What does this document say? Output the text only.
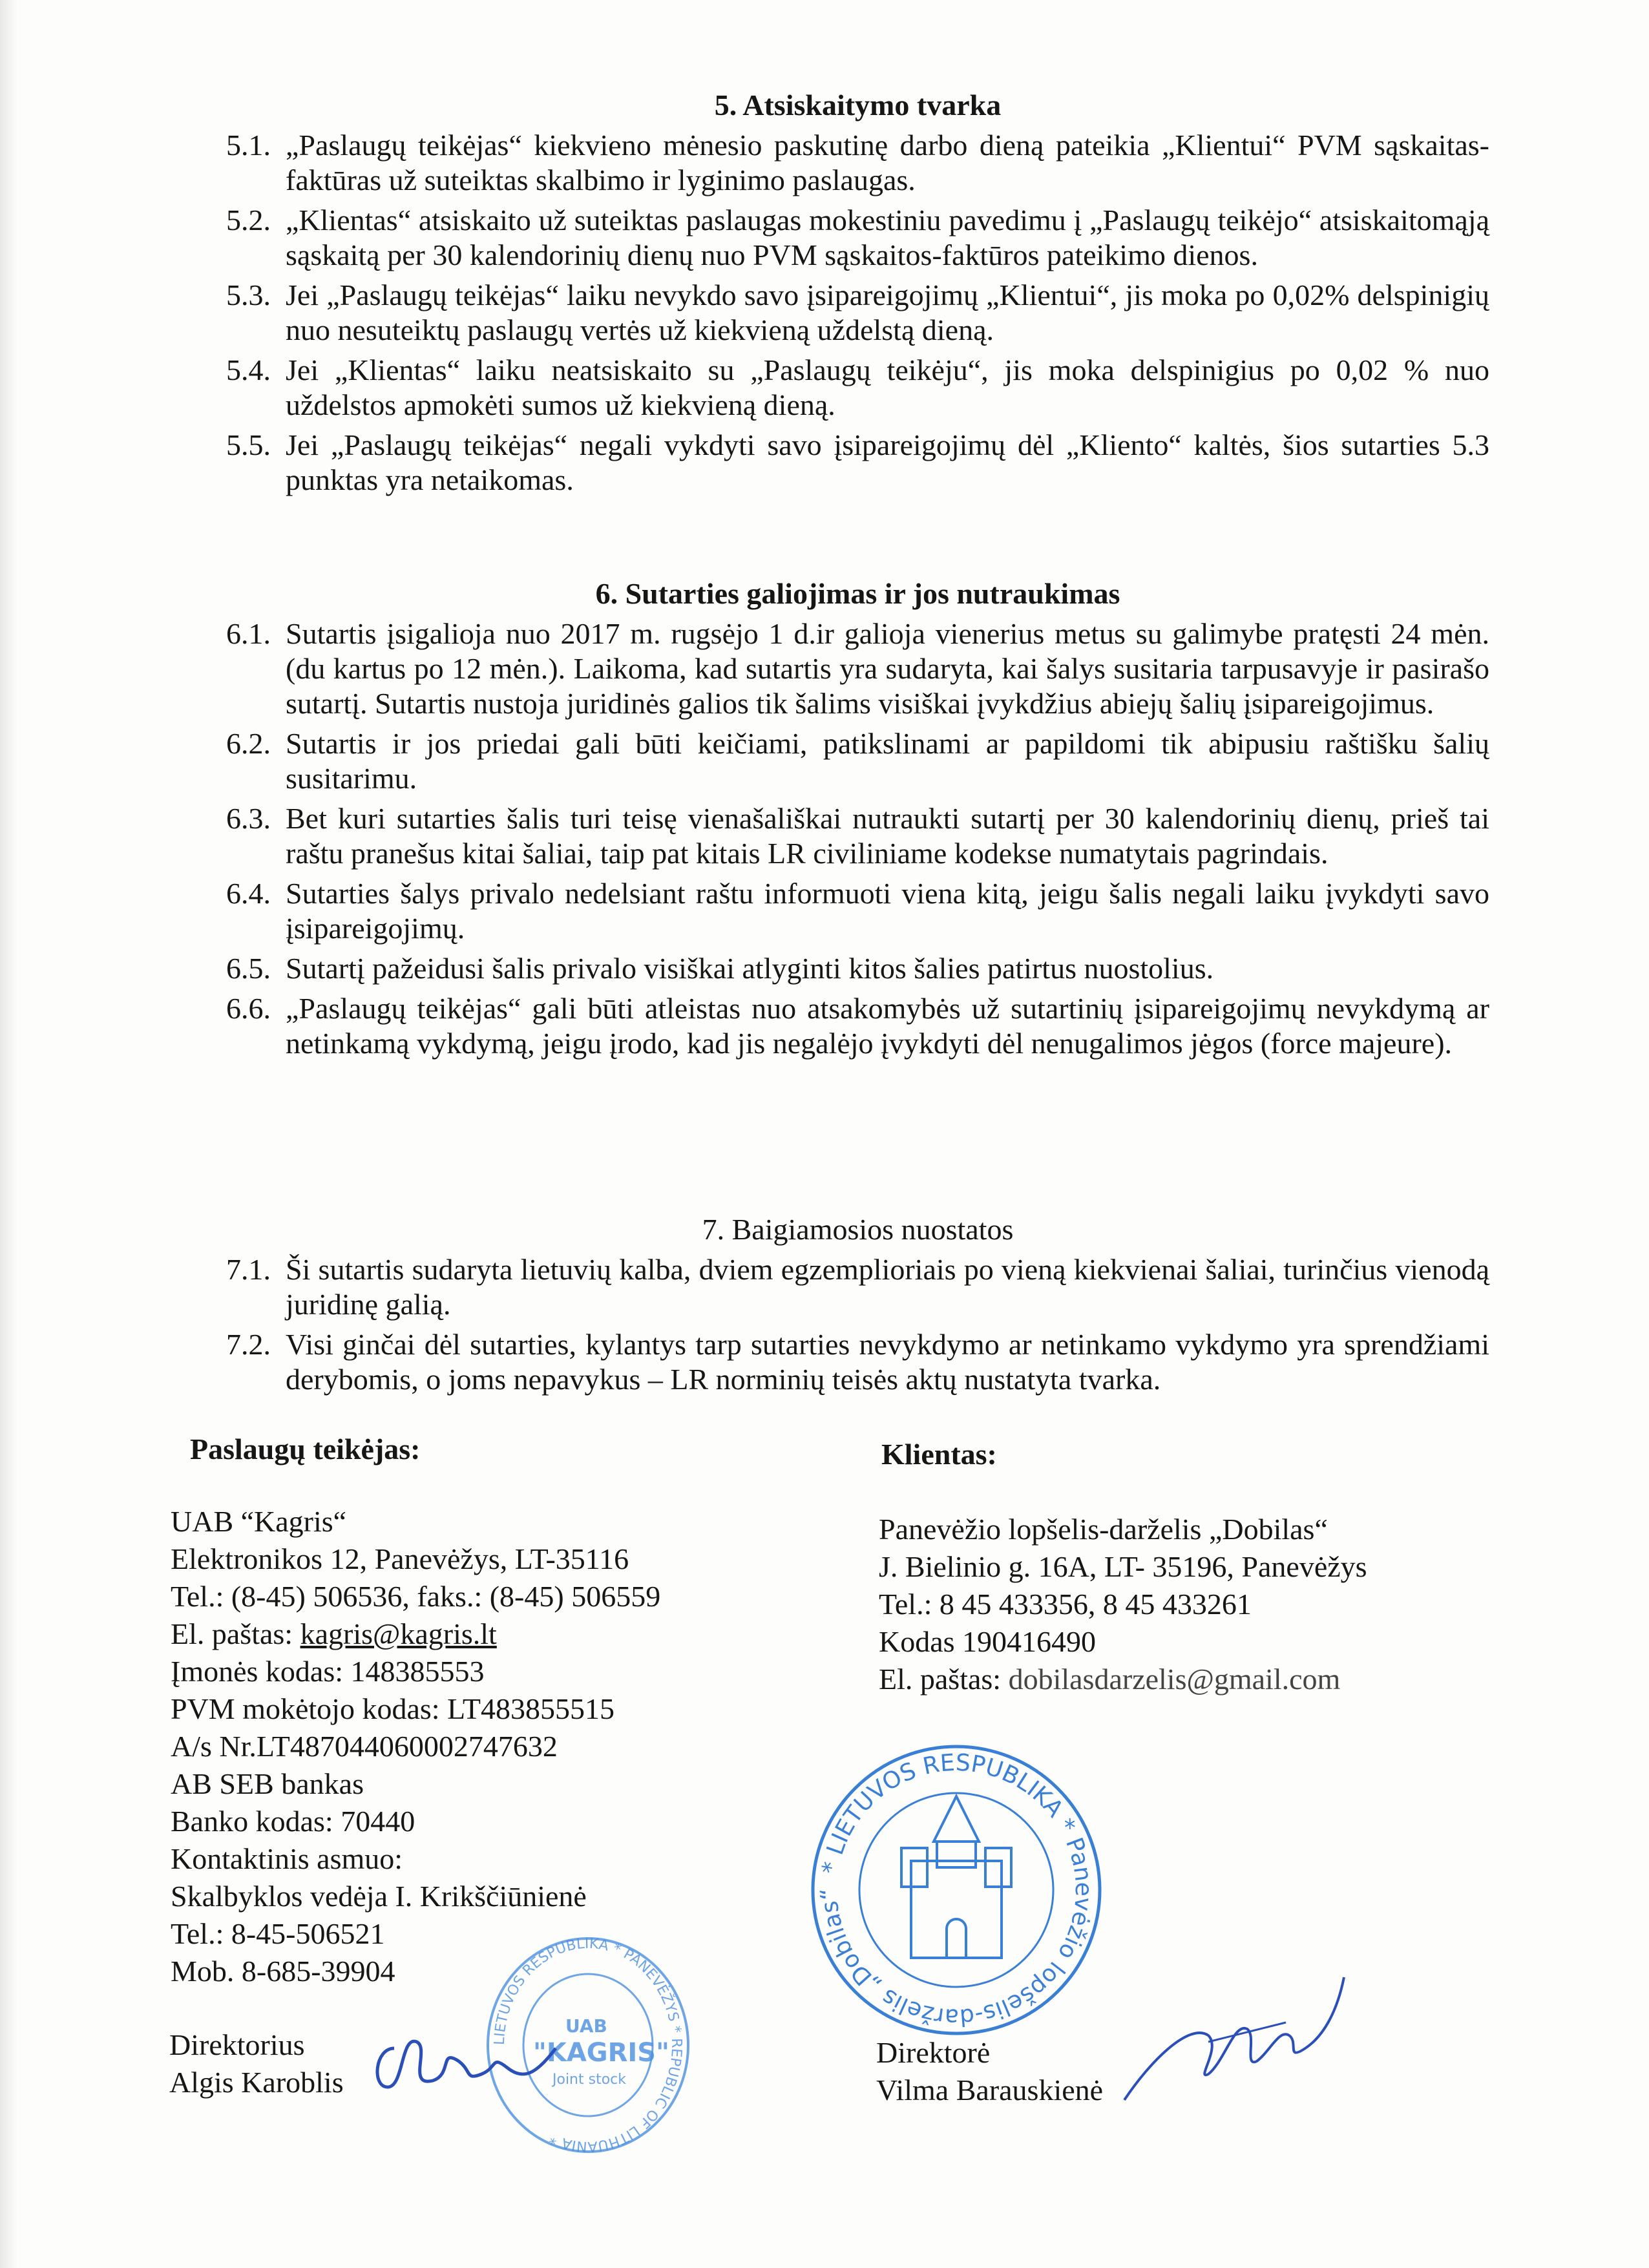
5. Atsiskaitymo tvarka
5.1. „Paslaugų teikėjas“ kiekvieno mėnesio paskutinę darbo dieną pateikia „Klientui“ PVM sąskaitas-faktūras už suteiktas skalbimo ir lyginimo paslaugas.
5.2. „Klientas“ atsiskaito už suteiktas paslaugas mokestiniu pavedimu į „Paslaugų teikėjo“ atsiskaitomąją sąskaitą per 30 kalendorinių dienų nuo PVM sąskaitos-faktūros pateikimo dienos.
5.3. Jei „Paslaugų teikėjas“ laiku nevykdo savo įsipareigojimų „Klientui“, jis moka po 0,02% delspinigių nuo nesuteiktų paslaugų vertės už kiekvieną uždelstą dieną.
5.4. Jei „Klientas“ laiku neatsiskaito su „Paslaugų teikėju“, jis moka delspinigius po 0,02 % nuo uždelstos apmokėti sumos už kiekvieną dieną.
5.5. Jei „Paslaugų teikėjas“ negali vykdyti savo įsipareigojimų dėl „Kliento“ kaltės, šios sutarties 5.3 punktas yra netaikomas.
6. Sutarties galiojimas ir jos nutraukimas
6.1. Sutartis įsigalioja nuo 2017 m. rugsėjo 1 d.ir galioja vienerius metus su galimybe pratęsti 24 mėn. (du kartus po 12 mėn.). Laikoma, kad sutartis yra sudaryta, kai šalys susitaria tarpusavyje ir pasirašo sutartį. Sutartis nustoja juridinės galios tik šalims visiškai įvykdžius abiejų šalių įsipareigojimus.
6.2. Sutartis ir jos priedai gali būti keičiami, patikslinami ar papildomi tik abipusiu raštišku šalių susitarimu.
6.3. Bet kuri sutarties šalis turi teisę vienašališkai nutraukti sutartį per 30 kalendorinių dienų, prieš tai raštu pranešus kitai šaliai, taip pat kitais LR civiliniame kodekse numatytais pagrindais.
6.4. Sutarties šalys privalo nedelsiant raštu informuoti viena kitą, jeigu šalis negali laiku įvykdyti savo įsipareigojimų.
6.5. Sutartį pažeidusi šalis privalo visiškai atlyginti kitos šalies patirtus nuostolius.
6.6. „Paslaugų teikėjas“ gali būti atleistas nuo atsakomybės už sutartinių įsipareigojimų nevykdymą ar netinkamą vykdymą, jeigu įrodo, kad jis negalėjo įvykdyti dėl nenugalimos jėgos (force majeure).
7. Baigiamosios nuostatos
7.1. Ši sutartis sudaryta lietuvių kalba, dviem egzemplioriais po vieną kiekvienai šaliai, turinčius vienodą juridinę galią.
7.2. Visi ginčai dėl sutarties, kylantys tarp sutarties nevykdymo ar netinkamo vykdymo yra sprendžiami derybomis, o joms nepavykus – LR norminių teisės aktų nustatyta tvarka.
Paslaugų teikėjas:
UAB “Kagris“
Elektronikos 12, Panevėžys, LT-35116
Tel.: (8-45) 506536, faks.: (8-45) 506559
El. paštas: kagris@kagris.lt
Įmonės kodas: 148385553
PVM mokėtojo kodas: LT483855515
A/s Nr.LT487044060002747632
AB SEB bankas
Banko kodas: 70440
Kontaktinis asmuo:
Skalbyklos vedėja I. Krikščiūnienė
Tel.: 8-45-506521
Mob. 8-685-39904
Direktorius
Algis Karoblis
Klientas:
Panevėžio lopšelis-darželis „Dobilas“
J. Bielinio g. 16A, LT- 35196, Panevėžys
Tel.: 8 45 433356, 8 45 433261
Kodas 190416490
El. paštas: dobilasdarzelis@gmail.com
Direktorė
Vilma Barauskienė
* LIETUVOS RESPUBLIKA * Panevėžio lopšelis-darželis „Dobilas“
LIETUVOS RESPUBLIKA * PANEVĖŽYS * REPUBLIC OF LITHUANIA *
UAB
"KAGRIS"
Joint stock
